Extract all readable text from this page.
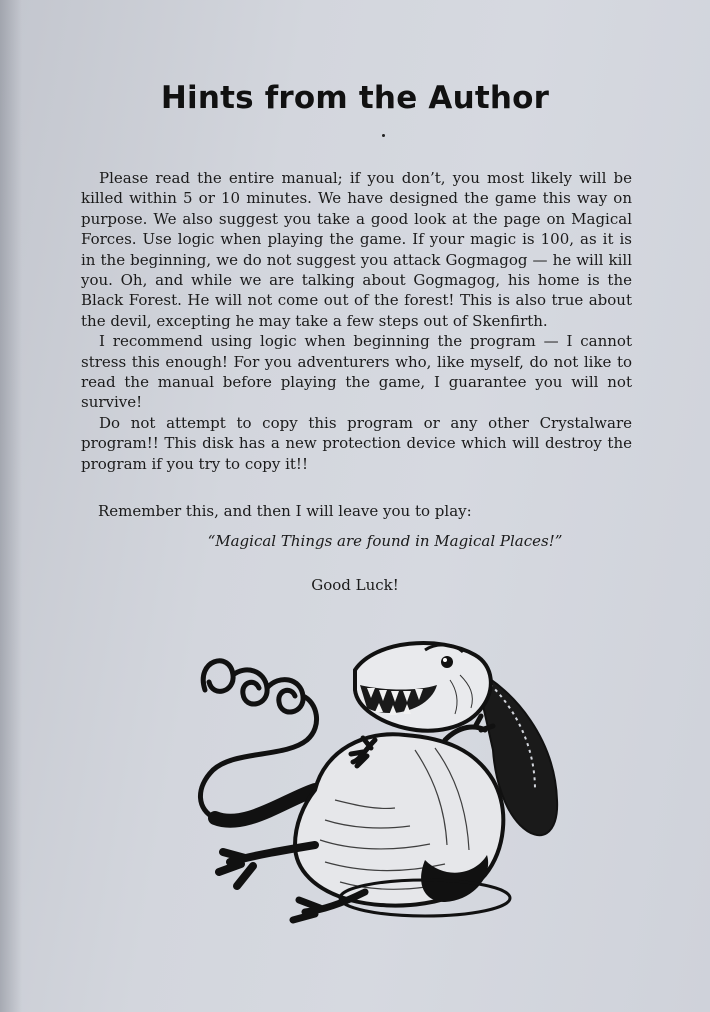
Hints from the Author

Please read the entire manual; if you don’t, you most likely will be killed within 5 or 10 minutes. We have designed the game this way on purpose. We also suggest you take a good look at the page on Magical Forces. Use logic when playing the game. If your magic is 100, as it is in the beginning, we do not suggest you attack Gogmagog — he will kill you. Oh, and while we are talking about Gogmagog, his home is the Black Forest. He will not come out of the forest! This is also true about the devil, excepting he may take a few steps out of Skenfirth.

I recommend using logic when beginning the program — I cannot stress this enough! For you adventurers who, like myself, do not like to read the manual before playing the game, I guarantee you will not survive!

Do not attempt to copy this program or any other Crystalware program!! This disk has a new protection device which will destroy the program if you try to copy it!!

Remember this, and then I will leave you to play:

“Magical Things are found in Magical Places!”

Good Luck!
